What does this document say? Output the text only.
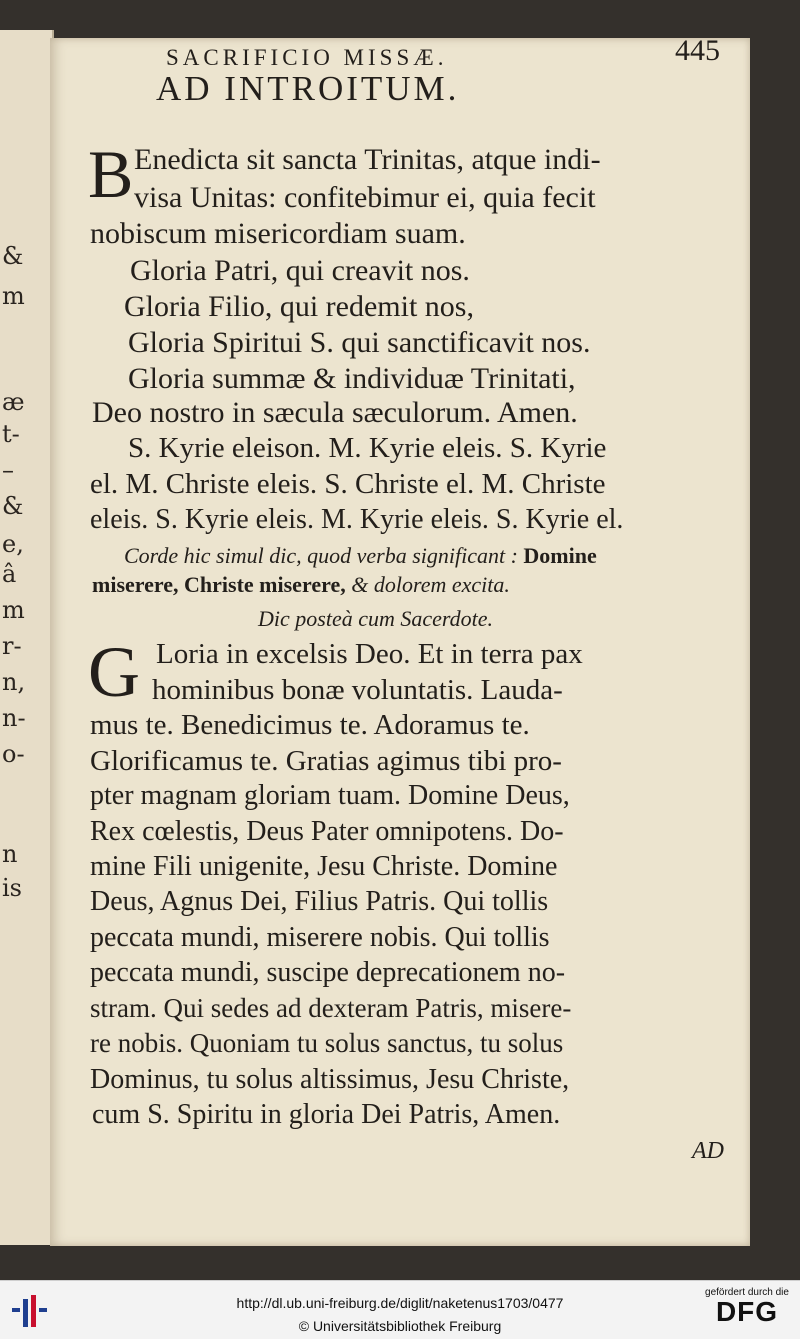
&
m
æ
t-
–
&
e,
â
m
r-
n,
n-
o-
n
is
SACRIFICIO MISSÆ.	445
AD INTROITUM.
B Enedicta sit sancta Trinitas, atque indi-
visa Unitas: confitebimur ei, quia fecit
nobiscum misericordiam suam.
Gloria Patri, qui creavit nos.
Gloria Filio, qui redemit nos,
Gloria Spiritui S. qui sanctificavit nos.
Gloria summæ & individuæ Trinitati,
Deo nostro in sæcula sæculorum. Amen.
S. Kyrie eleison. M. Kyrie eleis. S. Kyrie
el. M. Christe eleis. S. Christe el. M. Christe
eleis. S. Kyrie eleis. M. Kyrie eleis. S. Kyrie el.
Corde hic simul dic, quod verba significant : Domine
miserere, Christe miserere, & dolorem excita.
Dic posteà cum Sacerdote.
G Loria in excelsis Deo. Et in terra pax
hominibus bonæ voluntatis. Lauda-
mus te. Benedicimus te. Adoramus te.
Glorificamus te. Gratias agimus tibi pro-
pter magnam gloriam tuam. Domine Deus,
Rex cœlestis, Deus Pater omnipotens. Do-
mine Fili unigenite, Jesu Christe. Domine
Deus, Agnus Dei, Filius Patris. Qui tollis
peccata mundi, miserere nobis. Qui tollis
peccata mundi, suscipe deprecationem no-
stram. Qui sedes ad dexteram Patris, misere-
re nobis. Quoniam tu solus sanctus, tu solus
Dominus, tu solus altissimus, Jesu Christe,
cum S. Spiritu in gloria Dei Patris, Amen.
AD
http://dl.ub.uni-freiburg.de/diglit/naketenus1703/0477
© Universitätsbibliothek Freiburg
gefördert durch die
DFG
